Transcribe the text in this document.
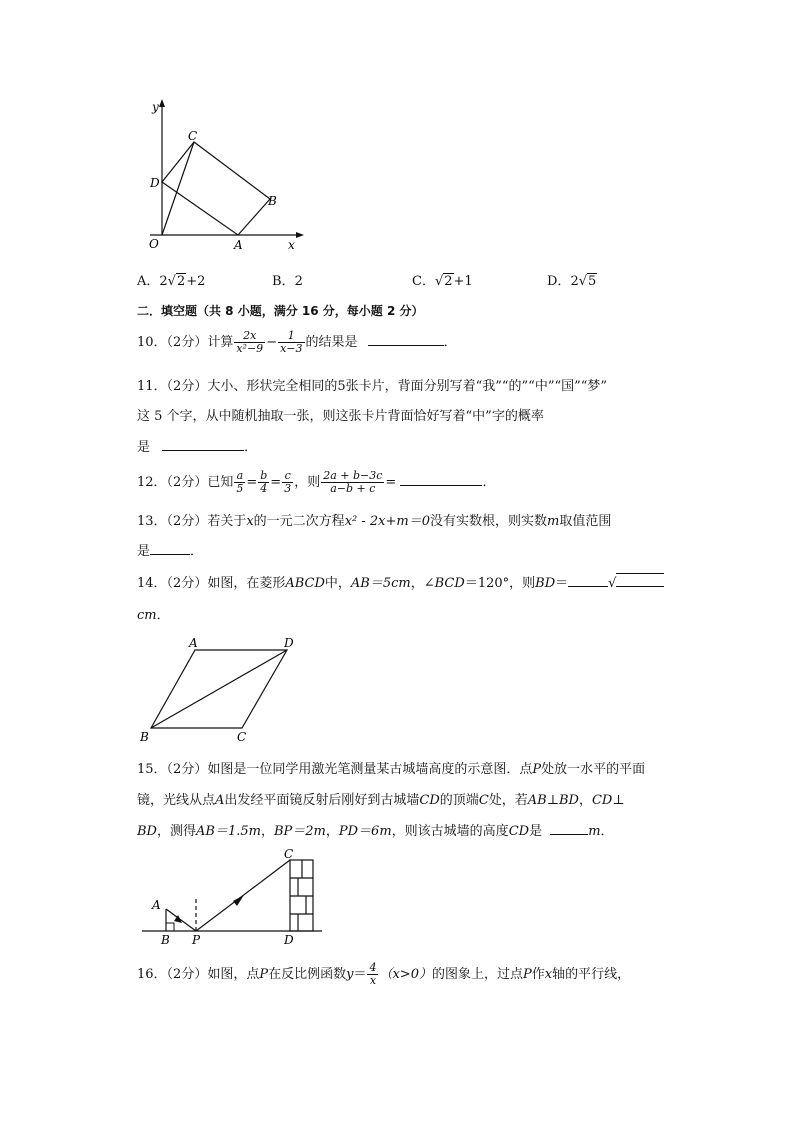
y
x
O	A
B
C
D
A．2√2+2	B．2	C．√2+1	D．2√5
二．填空题（共 8 小题，满分 16 分，每小题 2 分）
10．（2分）计算 $\frac{2x}{\text{x²−9}} - \frac{1}{x-3}$ 的结果是	．
11．（2分）大小、形状完全相同的5张卡片，背面分别写着“我”“的”“中”“国”“梦”
这 5 个字，从中随机抽取一张，则这张卡片背面恰好写着“中”字的概率
是	．
12．（2分）已知 $\frac{a}{5} = \frac{b}{4} = \frac{c}{3}$ ，则 $\frac{2a + b-3c}{a-b + c}$ =	．
13．（2分）若关于x的一元二次方程x² - 2x+m＝0没有实数根，则实数m取值范围
是	．
14．（2分）如图，在菱形ABCD中，AB＝5cm，∠BCD＝120°，则BD＝	√
cm．
A	D
B	C
15．（2分）如图是一位同学用激光笔测量某古城墙高度的示意图．点P处放一水平的平面
镜，光线从点A出发经平面镜反射后刚好到古城墙CD的顶端C处，若AB⊥BD，CD⊥
BD，测得AB＝1.5m，BP＝2m，PD＝6m，则该古城墙的高度CD是	m．
A
B P
C
D
16．（2分）如图，点P在反比例函数$y= \frac{4}{x} (x>0)$的图象上，过点P作x轴的平行线，
